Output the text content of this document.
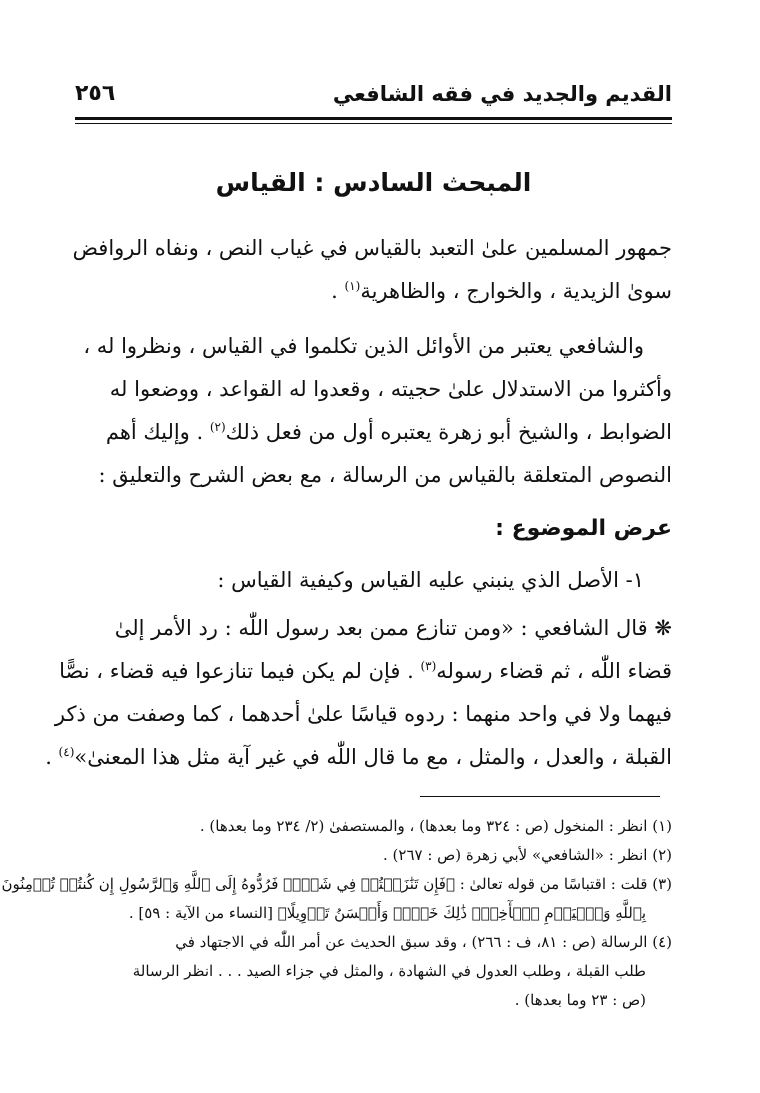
القديم والجديد في فقه الشافعي
٢٥٦
المبحث السادس : القياس
جمهور المسلمين علىٰ التعبد بالقياس في غياب النص ، ونفاه الروافض
سوىٰ الزيدية ، والخوارج ، والظاهرية$^{(١)}$ .
والشافعي يعتبر من الأوائل الذين تكلموا في القياس ، ونظروا له ،
وأكثروا من الاستدلال علىٰ حجيته ، وقعدوا له القواعد ، ووضعوا له
الضوابط ، والشيخ أبو زهرة يعتبره أول من فعل ذلك$^{(٢)}$ . وإليك أهم
النصوص المتعلقة بالقياس من الرسالة ، مع بعض الشرح والتعليق :
عرض الموضوع :
١- الأصل الذي ينبني عليه القياس وكيفية القياس :
❋ قال الشافعي : «ومن تنازع ممن بعد رسول اللّٰه : رد الأمر إلىٰ
قضاء اللّٰه ، ثم قضاء رسوله$^{(٣)}$ . فإن لم يكن فيما تنازعوا فيه قضاء ، نصًّا
فيهما ولا في واحد منهما : ردوه قياسًا علىٰ أحدهما ، كما وصفت من ذكر
القبلة ، والعدل ، والمثل ، مع ما قال اللّٰه في غير آية مثل هذا المعنىٰ»$^{(٤)}$ .
(١) انظر : المنخول (ص : ٣٢٤ وما بعدها) ، والمستصفىٰ (٢/ ٢٣٤ وما بعدها) .
(٢) انظر : «الشافعي» لأبي زهرة (ص : ٢٦٧) .
(٣) قلت : اقتباسًا من قوله تعالىٰ : ﴿فَإِن تَنَٰزَعۡتُمۡ فِي شَيۡءٖ فَرُدُّوهُ إِلَى ٱللَّهِ وَٱلرَّسُولِ إِن كُنتُمۡ تُؤۡمِنُونَ
بِٱللَّهِ وَٱلۡيَوۡمِ ٱلۡأٓخِرِۚ ذَٰلِكَ خَيۡرٞ وَأَحۡسَنُ تَأۡوِيلًا﴾ [النساء من الآية : ٥٩] .
(٤) الرسالة (ص : ٨١، ف : ٢٦٦) ، وقد سبق الحديث عن أمر اللّٰه في الاجتهاد في
طلب القبلة ، وطلب العدول في الشهادة ، والمثل في جزاء الصيد . . . انظر الرسالة
(ص : ٢٣ وما بعدها) .
